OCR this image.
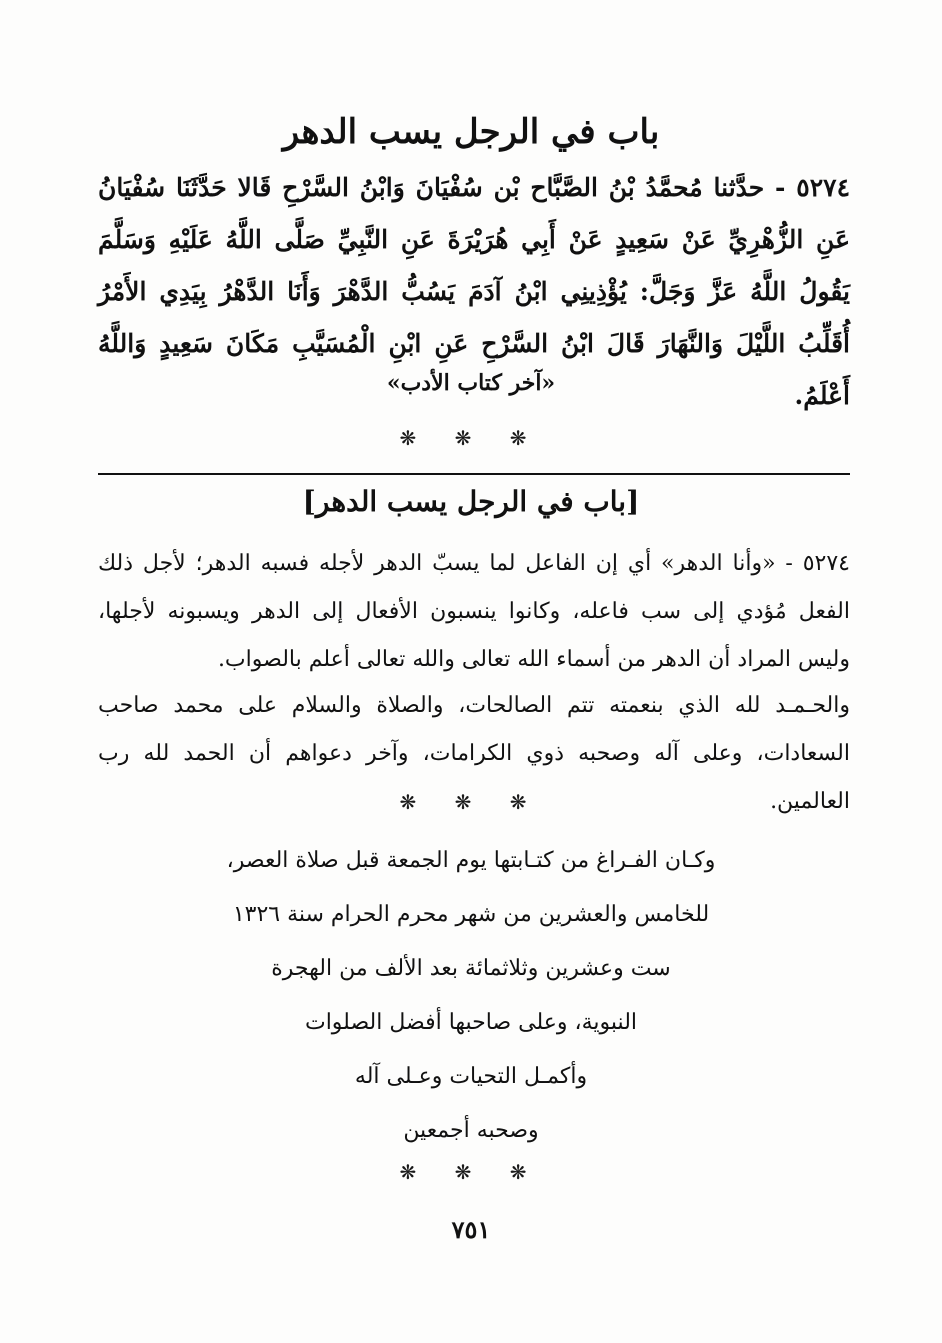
باب في الرجل يسب الدهر
٥٢٧٤ - حدَّثنا مُحمَّدُ بْنُ الصَّبَّاح بْن سُفْيَانَ وَابْنُ السَّرْحِ قَالا حَدَّثَنَا سُفْيَانُ عَنِ الزُّهْرِيِّ عَنْ سَعِيدٍ عَنْ أَبِي هُرَيْرَةَ عَنِ النَّبِيِّ صَلَّى اللَّهُ عَلَيْهِ وَسَلَّمَ يَقُولُ اللَّهُ عَزَّ وَجَلَّ: يُؤْذِينِي ابْنُ آدَمَ يَسُبُّ الدَّهْرَ وَأَنَا الدَّهْرُ بِيَدِي الأَمْرُ أُقَلِّبُ اللَّيْلَ وَالنَّهَارَ قَالَ ابْنُ السَّرْحِ عَنِ ابْنِ الْمُسَيَّبِ مَكَانَ سَعِيدٍ وَاللَّهُ أَعْلَمُ.
«آخر كتاب الأدب»
❋ ❋ ❋
[باب في الرجل يسب الدهر]
٥٢٧٤ - «وأنا الدهر» أي إن الفاعل لما يسبّ الدهر لأجله فسبه الدهر؛ لأجل ذلك الفعل مُؤدي إلى سب فاعله، وكانوا ينسبون الأفعال إلى الدهر ويسبونه لأجلها، وليس المراد أن الدهر من أسماء الله تعالى والله تعالى أعلم بالصواب.
والحـمـد لله الذي بنعمته تتم الصالحات، والصلاة والسلام على محمد صاحب السعادات، وعلى آله وصحبه ذوي الكرامات، وآخر دعواهم أن الحمد لله رب العالمين.
❋ ❋ ❋
وكـان الفـراغ من كتـابتها يوم الجمعة قبل صلاة العصر،
للخامس والعشرين من شهر محرم الحرام سنة ١٣٢٦
ست وعشرين وثلاثمائة بعد الألف من الهجرة
النبوية، وعلى صاحبها أفضل الصلوات
وأكمـل التحيات وعـلى آله
وصحبه أجمعين
❋ ❋ ❋
٧٥١
